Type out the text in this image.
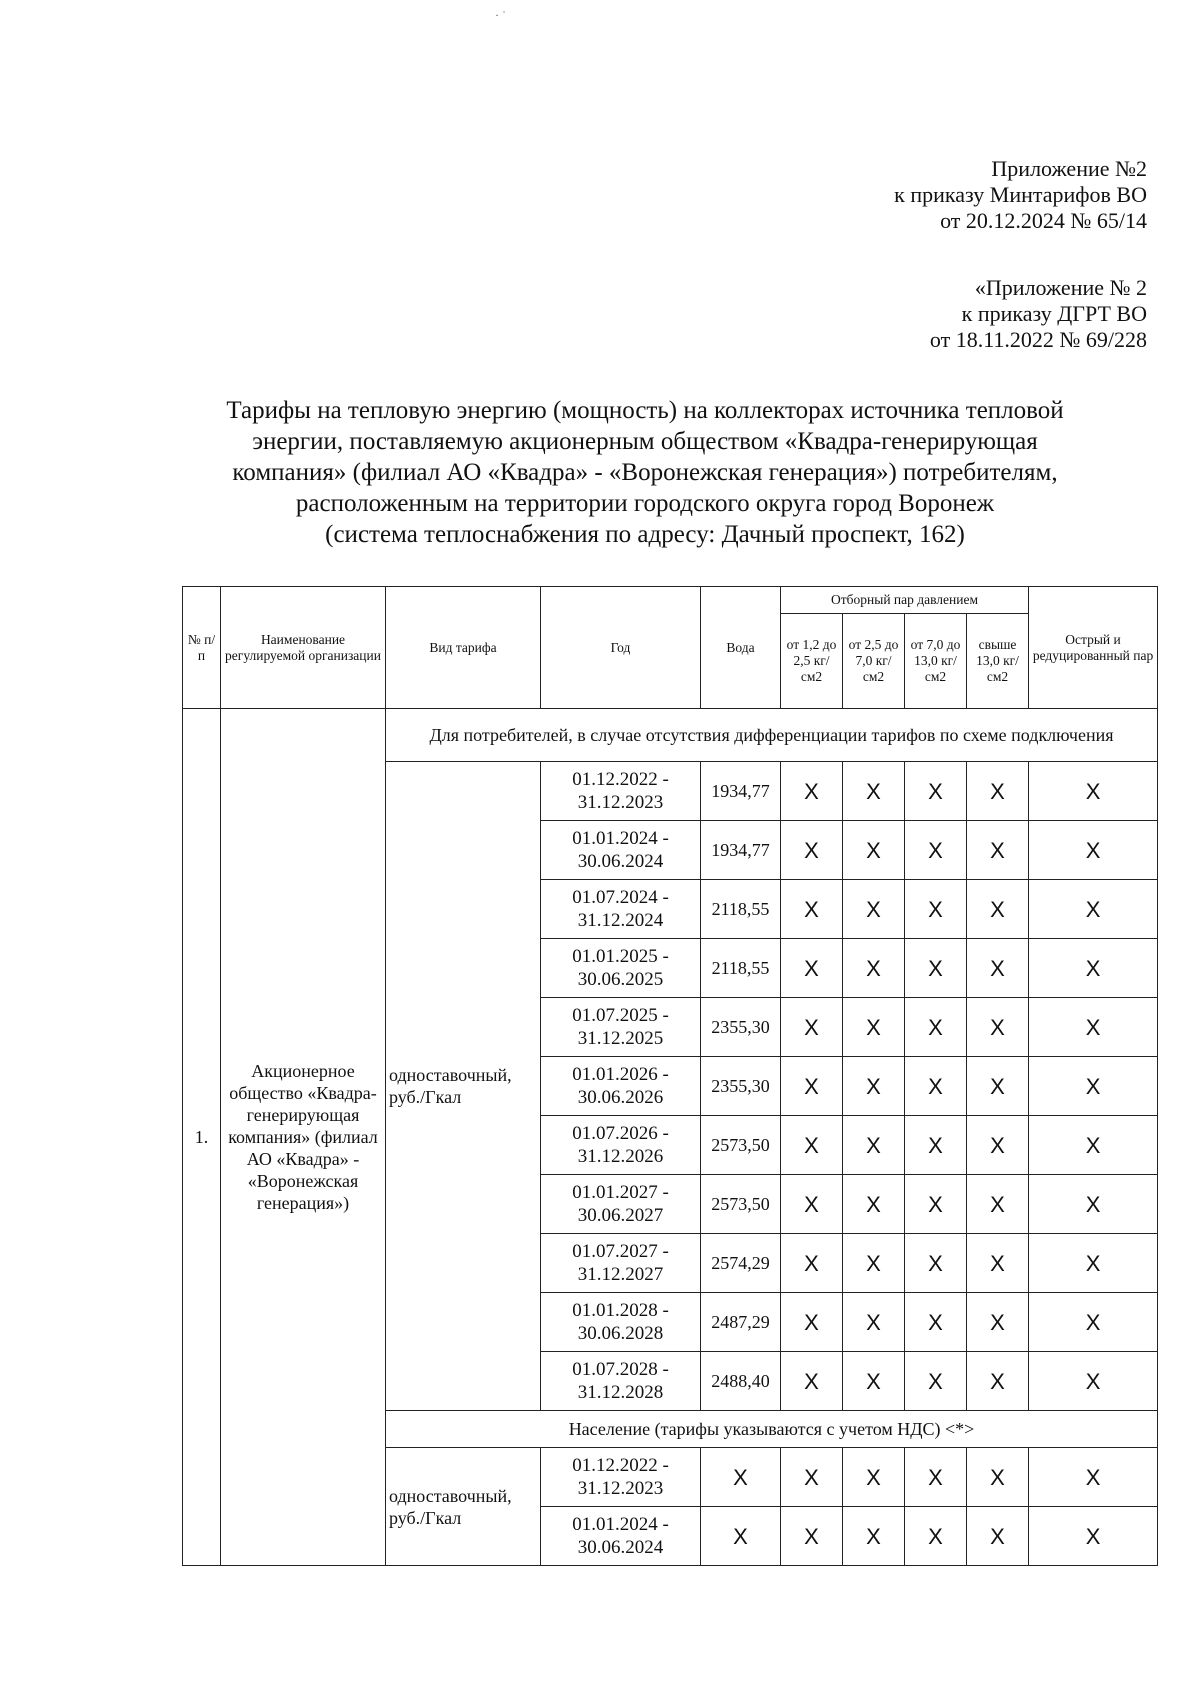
· ˙
Приложение №2
к приказу Минтарифов ВО
от 20.12.2024 № 65/14
«Приложение № 2
к приказу ДГРТ ВО
от 18.11.2022 № 69/228
Тарифы на тепловую энергию (мощность) на коллекторах источника тепловой
энергии, поставляемую акционерным обществом «Квадра-генерирующая
компания» (филиал АО «Квадра» - «Воронежская генерация») потребителям,
расположенным на территории городского округа город Воронеж
(система теплоснабжения по адресу: Дачный проспект, 162)
№ п/п	Наименование регулируемой организации	Вид тарифа	Год	Вода	Отборный пар давлением				Острый и редуцированный пар
					от 1,2 до 2,5 кг/см2	от 2,5 до 7,0 кг/см2	от 7,0 до 13,0 кг/см2	свыше 13,0 кг/см2	
1.	Акционерное общество «Квадра-генерирующая компания» (филиал АО «Квадра» - «Воронежская генерация»)	Для потребителей, в случае отсутствия дифференциации тарифов по схеме подключения							
		одноставочный, руб./Гкал	01.12.2022 - 31.12.2023	1934,77	X	X	X	X	X
			01.01.2024 - 30.06.2024	1934,77	X	X	X	X	X
			01.07.2024 - 31.12.2024	2118,55	X	X	X	X	X
			01.01.2025 - 30.06.2025	2118,55	X	X	X	X	X
			01.07.2025 - 31.12.2025	2355,30	X	X	X	X	X
			01.01.2026 - 30.06.2026	2355,30	X	X	X	X	X
			01.07.2026 - 31.12.2026	2573,50	X	X	X	X	X
			01.01.2027 - 30.06.2027	2573,50	X	X	X	X	X
			01.07.2027 - 31.12.2027	2574,29	X	X	X	X	X
			01.01.2028 - 30.06.2028	2487,29	X	X	X	X	X
			01.07.2028 - 31.12.2028	2488,40	X	X	X	X	X
		Население (тарифы указываются с учетом НДС) <*>							
		одноставочный, руб./Гкал	01.12.2022 - 31.12.2023	X	X	X	X	X	X
			01.01.2024 - 30.06.2024	X	X	X	X	X	X
